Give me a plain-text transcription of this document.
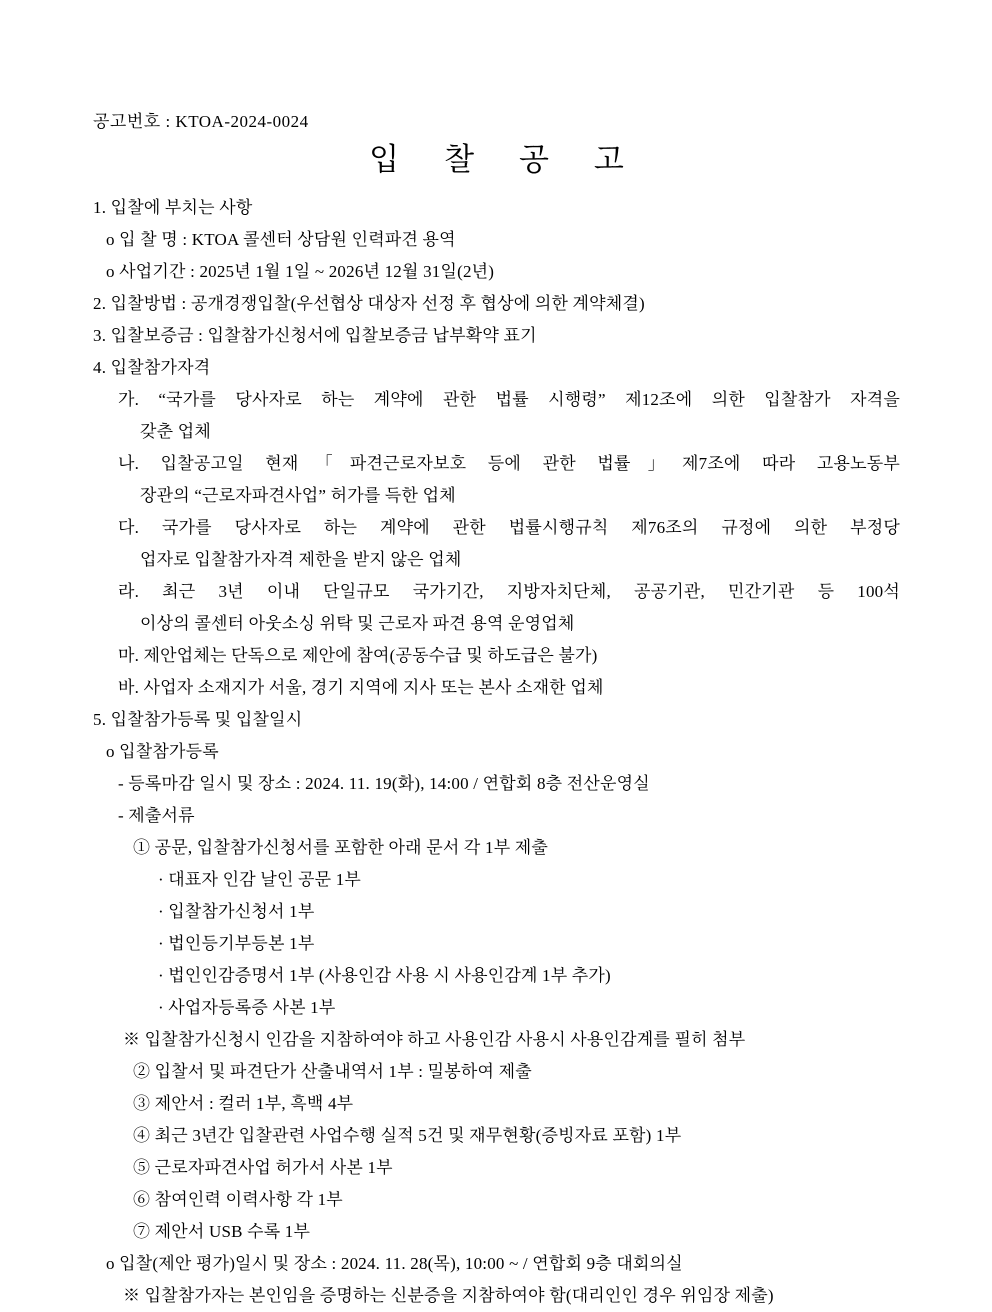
공고번호 : KTOA-2024-0024

입 찰 공 고

1. 입찰에 부치는 사항

o 입 찰 명 : KTOA 콜센터 상담원 인력파견 용역

o 사업기간 : 2025년 1월 1일 ~ 2026년 12월 31일(2년)

2. 입찰방법 : 공개경쟁입찰(우선협상 대상자 선정 후 협상에 의한 계약체결)

3. 입찰보증금 : 입찰참가신청서에 입찰보증금 납부확약 표기

4. 입찰참가자격

가. “국가를 당사자로 하는 계약에 관한 법률 시행령” 제12조에 의한 입찰참가 자격을

갖춘 업체

나. 입찰공고일 현재「파견근로자보호 등에 관한 법률」제7조에 따라 고용노동부

장관의 “근로자파견사업” 허가를 득한 업체

다. 국가를 당사자로 하는 계약에 관한 법률시행규칙 제76조의 규정에 의한 부정당

업자로 입찰참가자격 제한을 받지 않은 업체

라. 최근 3년 이내 단일규모 국가기간, 지방자치단체, 공공기관, 민간기관 등 100석

이상의 콜센터 아웃소싱 위탁 및 근로자 파견 용역 운영업체

마. 제안업체는 단독으로 제안에 참여(공동수급 및 하도급은 불가)

바. 사업자 소재지가 서울, 경기 지역에 지사 또는 본사 소재한 업체

5. 입찰참가등록 및 입찰일시

o 입찰참가등록

- 등록마감 일시 및 장소 : 2024. 11. 19(화), 14:00 / 연합회 8층 전산운영실

- 제출서류

① 공문, 입찰참가신청서를 포함한 아래 문서 각 1부 제출

· 대표자 인감 날인 공문 1부

· 입찰참가신청서 1부

· 법인등기부등본 1부

· 법인인감증명서 1부 (사용인감 사용 시 사용인감계 1부 추가)

· 사업자등록증 사본 1부

※ 입찰참가신청시 인감을 지참하여야 하고 사용인감 사용시 사용인감계를 필히 첨부

② 입찰서 및 파견단가 산출내역서 1부 : 밀봉하여 제출

③ 제안서 : 컬러 1부, 흑백 4부

④ 최근 3년간 입찰관련 사업수행 실적 5건 및 재무현황(증빙자료 포함) 1부

⑤ 근로자파견사업 허가서 사본 1부

⑥ 참여인력 이력사항 각 1부

⑦ 제안서 USB 수록 1부

o 입찰(제안 평가)일시 및 장소 : 2024. 11. 28(목), 10:00 ~ / 연합회 9층 대회의실

※ 입찰참가자는 본인임을 증명하는 신분증을 지참하여야 함(대리인인 경우 위임장 제출)
